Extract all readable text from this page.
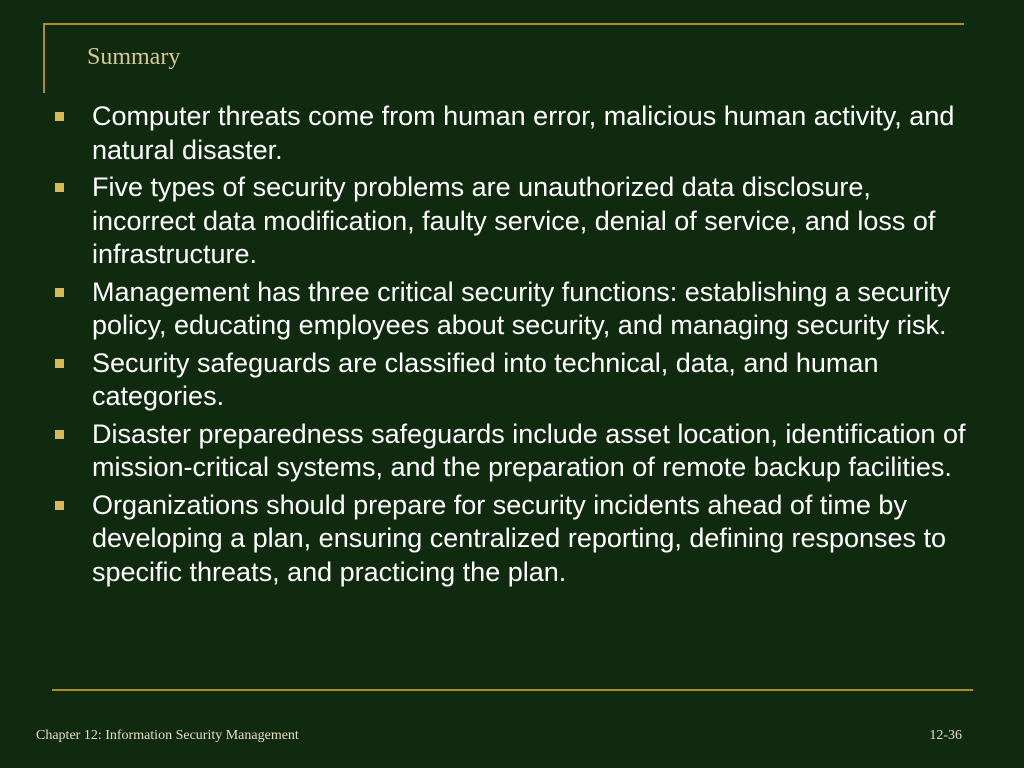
Summary
Computer threats come from human error, malicious human activity, and natural disaster.
Five types of security problems are unauthorized data disclosure, incorrect data modification, faulty service, denial of service, and loss of infrastructure.
Management has three critical security functions: establishing a security policy, educating employees about security, and managing security risk.
Security safeguards are classified into technical, data, and human categories.
Disaster preparedness safeguards include asset location, identification of mission-critical systems, and the preparation of remote backup facilities.
Organizations should prepare for security incidents ahead of time by developing a plan, ensuring centralized reporting, defining responses to specific threats, and practicing the plan.
Chapter 12: Information Security Management	12-36
